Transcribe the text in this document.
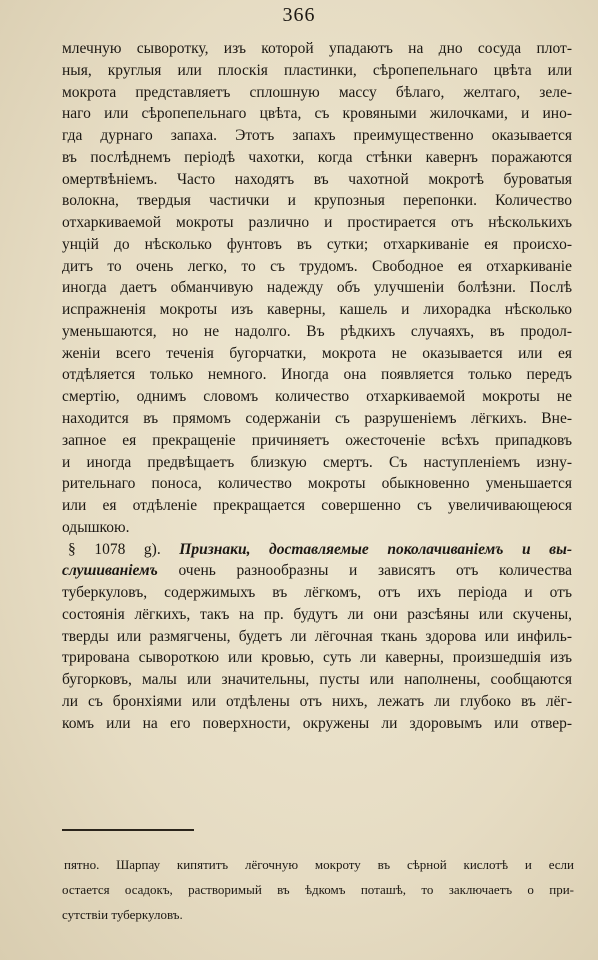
366
млечную сыворотку, изъ которой упадаютъ на дно сосуда плот-
ныя, круглыя или плоскія пластинки, сѣропепельнаго цвѣта или
мокрота представляетъ сплошную массу бѣлаго, желтаго, зеле-
наго или сѣропепельнаго цвѣта, съ кровяными жилочками, и ино-
гда дурнаго запаха. Этотъ запахъ преимущественно оказывается
въ послѣднемъ періодѣ чахотки, когда стѣнки кавернъ поражаются
омертвѣніемъ. Часто находятъ въ чахотной мокротѣ буроватыя
волокна, твердыя частички и крупозныя перепонки. Количество
отхаркиваемой мокроты различно и простирается отъ нѣсколькихъ
унцій до нѣсколько фунтовъ въ сутки; отхаркиваніе ея происхо-
дитъ то очень легко, то съ трудомъ. Свободное ея отхаркиваніе
иногда даетъ обманчивую надежду объ улучшеніи болѣзни. Послѣ
испражненія мокроты изъ каверны, кашель и лихорадка нѣсколько
уменьшаются, но не надолго. Въ рѣдкихъ случаяхъ, въ продол-
женіи всего теченія бугорчатки, мокрота не оказывается или ея
отдѣляется только немного. Иногда она появляется только передъ
смертію, однимъ словомъ количество отхаркиваемой мокроты не
находится въ прямомъ содержаніи съ разрушеніемъ лёгкихъ. Вне-
запное ея прекращеніе причиняетъ ожесточеніе всѣхъ припадковъ
и иногда предвѣщаетъ близкую смертъ. Съ наступленіемъ изну-
рительнаго поноса, количество мокроты обыкновенно уменьшается
или ея отдѣленіе прекращается совершенно съ увеличивающеюся
одышкою.
§ 1078 g). Признаки, доставляемые поколачиваніемъ и вы-
слушиваніемъ очень разнообразны и зависятъ отъ количества
туберкуловъ, содержимыхъ въ лёгкомъ, отъ ихъ періода и отъ
состоянія лёгкихъ, такъ на пр. будутъ ли они разсѣяны или скучены,
тверды или размягчены, будетъ ли лёгочная ткань здорова или инфиль-
трирована сывороткою или кровью, суть ли каверны, произшедшія изъ
бугорковъ, малы или значительны, пусты или наполнены, сообщаются
ли съ бронхіями или отдѣлены отъ нихъ, лежатъ ли глубоко въ лёг-
комъ или на его поверхности, окружены ли здоровымъ или отвер-
пятно. Шарпау кипятитъ лёгочную мокроту въ сѣрной кислотѣ и если
остается осадокъ, растворимый въ ѣдкомъ поташѣ, то заключаетъ о при-
сутствіи туберкуловъ.
